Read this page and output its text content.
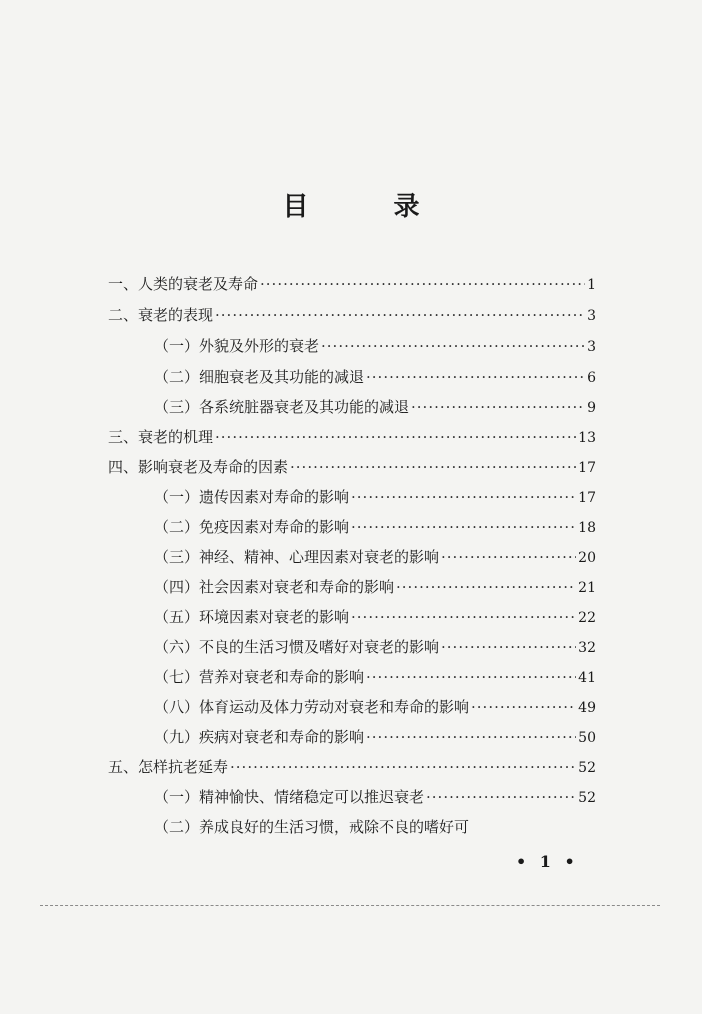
目 录
一、人类的衰老及寿命 ·····	1
二、衰老的表现 ·····	3
（一）外貌及外形的衰老 ·····	3
（二）细胞衰老及其功能的减退 ·····	6
（三）各系统脏器衰老及其功能的减退 ·····	9
三、衰老的机理 ·····	13
四、影响衰老及寿命的因素 ·····	17
（一）遗传因素对寿命的影响 ·····	17
（二）免疫因素对寿命的影响 ·····	18
（三）神经、精神、心理因素对衰老的影响 ·····	20
（四）社会因素对衰老和寿命的影响 ·····	21
（五）环境因素对衰老的影响 ·····	22
（六）不良的生活习惯及嗜好对衰老的影响 ·····	32
（七）营养对衰老和寿命的影响 ·····	41
（八）体育运动及体力劳动对衰老和寿命的影响 ·····	49
（九）疾病对衰老和寿命的影响 ·····	50
五、怎样抗老延寿 ·····	52
（一）精神愉快、情绪稳定可以推迟衰老 ·····	52
（二）养成良好的生活习惯，戒除不良的嗜好可
• 1 •
